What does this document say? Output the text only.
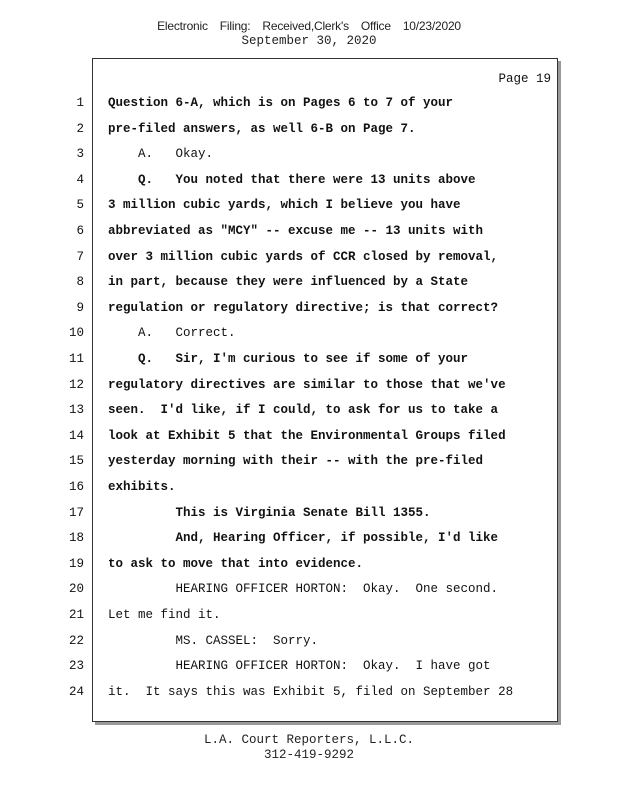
Electronic Filing: Received,Clerk's Office 10/23/2020
September 30, 2020
Page 19
1 Question 6-A, which is on Pages 6 to 7 of your
2 pre-filed answers, as well 6-B on Page 7.
3 A.   Okay.
4 Q.   You noted that there were 13 units above
5 3 million cubic yards, which I believe you have
6 abbreviated as "MCY" -- excuse me -- 13 units with
7 over 3 million cubic yards of CCR closed by removal,
8 in part, because they were influenced by a State
9 regulation or regulatory directive; is that correct?
10 A.   Correct.
11 Q.   Sir, I'm curious to see if some of your
12 regulatory directives are similar to those that we've
13 seen.  I'd like, if I could, to ask for us to take a
14 look at Exhibit 5 that the Environmental Groups filed
15 yesterday morning with their -- with the pre-filed
16 exhibits.
17 This is Virginia Senate Bill 1355.
18 And, Hearing Officer, if possible, I'd like
19 to ask to move that into evidence.
20 HEARING OFFICER HORTON:  Okay.  One second.
21 Let me find it.
22 MS. CASSEL:  Sorry.
23 HEARING OFFICER HORTON:  Okay.  I have got
24 it.  It says this was Exhibit 5, filed on September 28
L.A. Court Reporters, L.L.C.
312-419-9292
